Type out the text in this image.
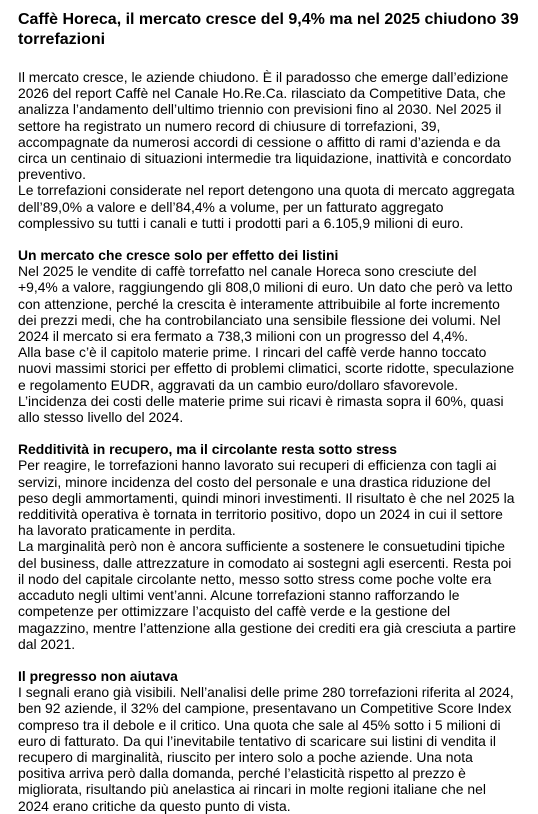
Caffè Horeca, il mercato cresce del 9,4% ma nel 2025 chiudono 39 torrefazioni

Il mercato cresce, le aziende chiudono. È il paradosso che emerge dall’edizione 2026 del report Caffè nel Canale Ho.Re.Ca. rilasciato da Competitive Data, che analizza l’andamento dell’ultimo triennio con previsioni fino al 2030. Nel 2025 il settore ha registrato un numero record di chiusure di torrefazioni, 39, accompagnate da numerosi accordi di cessione o affitto di rami d’azienda e da circa un centinaio di situazioni intermedie tra liquidazione, inattività e concordato preventivo.

Le torrefazioni considerate nel report detengono una quota di mercato aggregata dell’89,0% a valore e dell’84,4% a volume, per un fatturato aggregato complessivo su tutti i canali e tutti i prodotti pari a 6.105,9 milioni di euro.

Un mercato che cresce solo per effetto dei listini

Nel 2025 le vendite di caffè torrefatto nel canale Horeca sono cresciute del +9,4% a valore, raggiungendo gli 808,0 milioni di euro. Un dato che però va letto con attenzione, perché la crescita è interamente attribuibile al forte incremento dei prezzi medi, che ha controbilanciato una sensibile flessione dei volumi. Nel 2024 il mercato si era fermato a 738,3 milioni con un progresso del 4,4%.

Alla base c’è il capitolo materie prime. I rincari del caffè verde hanno toccato nuovi massimi storici per effetto di problemi climatici, scorte ridotte, speculazione e regolamento EUDR, aggravati da un cambio euro/dollaro sfavorevole. L’incidenza dei costi delle materie prime sui ricavi è rimasta sopra il 60%, quasi allo stesso livello del 2024.

Redditività in recupero, ma il circolante resta sotto stress

Per reagire, le torrefazioni hanno lavorato sui recuperi di efficienza con tagli ai servizi, minore incidenza del costo del personale e una drastica riduzione del peso degli ammortamenti, quindi minori investimenti. Il risultato è che nel 2025 la redditività operativa è tornata in territorio positivo, dopo un 2024 in cui il settore ha lavorato praticamente in perdita.

La marginalità però non è ancora sufficiente a sostenere le consuetudini tipiche del business, dalle attrezzature in comodato ai sostegni agli esercenti. Resta poi il nodo del capitale circolante netto, messo sotto stress come poche volte era accaduto negli ultimi vent’anni. Alcune torrefazioni stanno rafforzando le competenze per ottimizzare l’acquisto del caffè verde e la gestione del magazzino, mentre l’attenzione alla gestione dei crediti era già cresciuta a partire dal 2021.

Il pregresso non aiutava

I segnali erano già visibili. Nell’analisi delle prime 280 torrefazioni riferita al 2024, ben 92 aziende, il 32% del campione, presentavano un Competitive Score Index compreso tra il debole e il critico. Una quota che sale al 45% sotto i 5 milioni di euro di fatturato. Da qui l’inevitabile tentativo di scaricare sui listini di vendita il recupero di marginalità, riuscito per intero solo a poche aziende. Una nota positiva arriva però dalla domanda, perché l’elasticità rispetto al prezzo è migliorata, risultando più anelastica ai rincari in molte regioni italiane che nel 2024 erano critiche da questo punto di vista.
